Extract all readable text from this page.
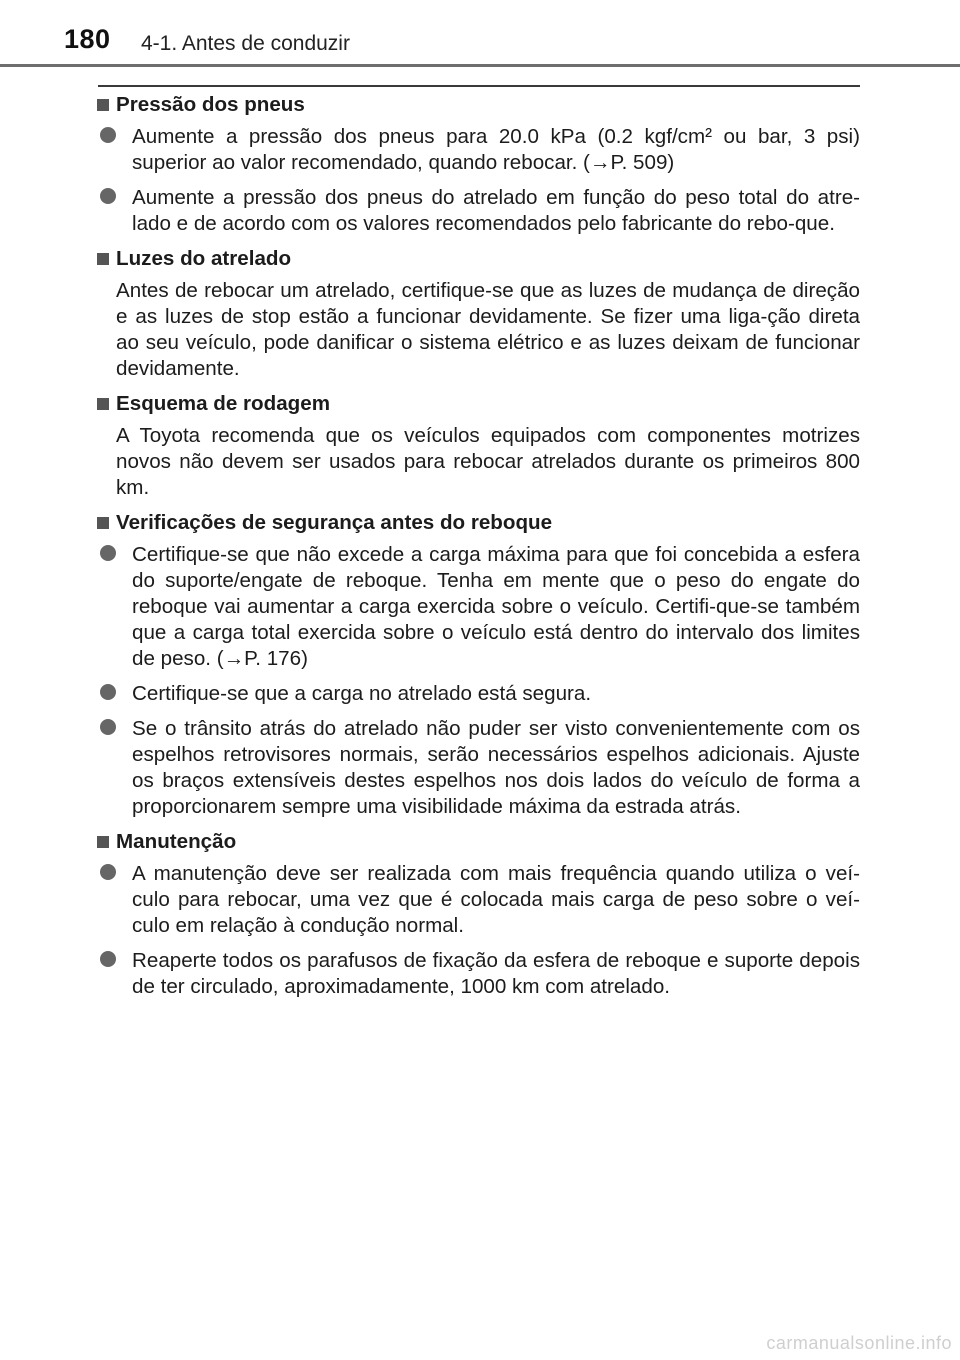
180 4-1. Antes de conduzir
Pressão dos pneus
Aumente a pressão dos pneus para 20.0 kPa (0.2 kgf/cm² ou bar, 3 psi) superior ao valor recomendado, quando rebocar. (→P. 509)
Aumente a pressão dos pneus do atrelado em função do peso total do atre-lado e de acordo com os valores recomendados pelo fabricante do rebo-que.
Luzes do atrelado
Antes de rebocar um atrelado, certifique-se que as luzes de mudança de direção e as luzes de stop estão a funcionar devidamente. Se fizer uma liga-ção direta ao seu veículo, pode danificar o sistema elétrico e as luzes deixam de funcionar devidamente.
Esquema de rodagem
A Toyota recomenda que os veículos equipados com componentes motrizes novos não devem ser usados para rebocar atrelados durante os primeiros 800 km.
Verificações de segurança antes do reboque
Certifique-se que não excede a carga máxima para que foi concebida a esfera do suporte/engate de reboque. Tenha em mente que o peso do engate do reboque vai aumentar a carga exercida sobre o veículo. Certifi-que-se também que a carga total exercida sobre o veículo está dentro do intervalo dos limites de peso. (→P. 176)
Certifique-se que a carga no atrelado está segura.
Se o trânsito atrás do atrelado não puder ser visto convenientemente com os espelhos retrovisores normais, serão necessários espelhos adicionais. Ajuste os braços extensíveis destes espelhos nos dois lados do veículo de forma a proporcionarem sempre uma visibilidade máxima da estrada atrás.
Manutenção
A manutenção deve ser realizada com mais frequência quando utiliza o veí-culo para rebocar, uma vez que é colocada mais carga de peso sobre o veí-culo em relação à condução normal.
Reaperte todos os parafusos de fixação da esfera de reboque e suporte depois de ter circulado, aproximadamente, 1000 km com atrelado.
carmanualsonline.info
